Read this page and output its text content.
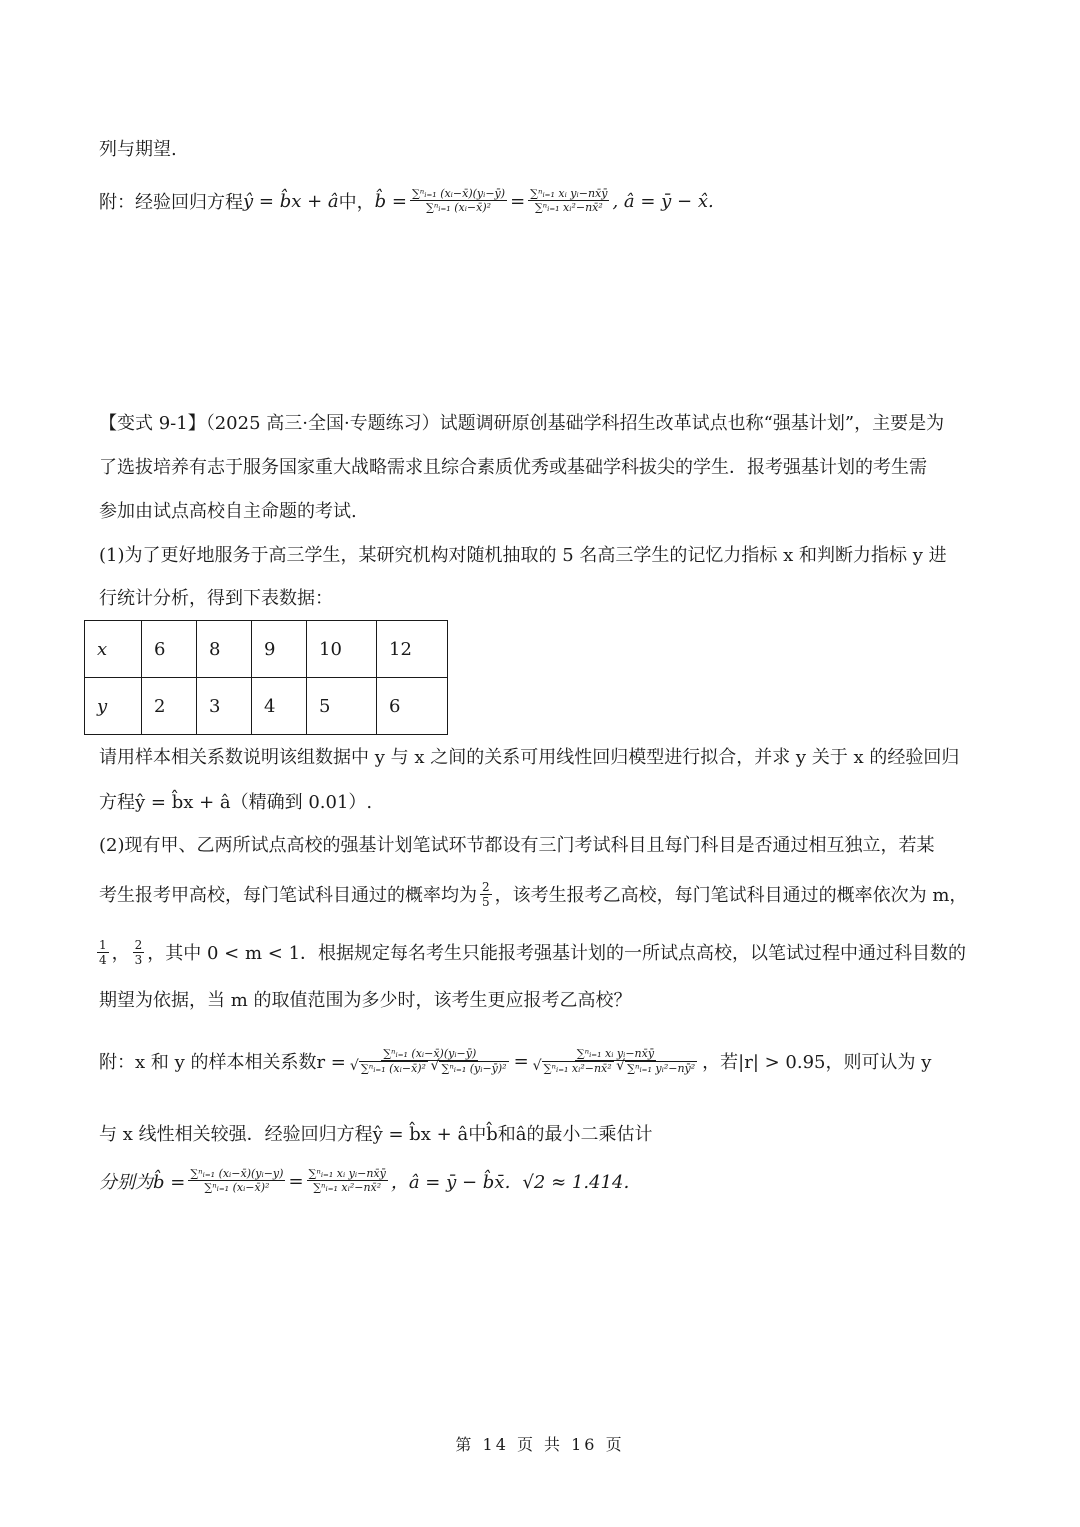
列与期望.
附：经验回归方程 ŷ = b̂x + â 中， b̂ = $\frac{\text{∑ⁿᵢ₌₁ (xᵢ−x̄)(yᵢ−ȳ)}}{\text{∑ⁿᵢ₌₁ (xᵢ−x̄)²}} = \frac{\text{∑ⁿᵢ₌₁ xᵢ yᵢ−nx̄ȳ}}{\text{∑ⁿᵢ₌₁ xᵢ²−nx̄²}}$ , â = ȳ − x̂.
【变式 9-1】（2025 高三·全国·专题练习）试题调研原创基础学科招生改革试点也称“强基计划”，主要是为
了选拔培养有志于服务国家重大战略需求且综合素质优秀或基础学科拔尖的学生．报考强基计划的考生需
参加由试点高校自主命题的考试.
(1)为了更好地服务于高三学生，某研究机构对随机抽取的 5 名高三学生的记忆力指标 x 和判断力指标 y 进
行统计分析，得到下表数据：
x	6	8	9	10	12
y	2	3	4	5	6
请用样本相关系数说明该组数据中 y 与 x 之间的关系可用线性回归模型进行拟合，并求 y 关于 x 的经验回归
方程ŷ = b̂x + â（精确到 0.01）.
(2)现有甲、乙两所试点高校的强基计划笔试环节都设有三门考试科目且每门科目是否通过相互独立，若某
考生报考甲高校，每门笔试科目通过的概率均为 $\frac{2}{5}$ ，该考生报考乙高校，每门笔试科目通过的概率依次为 m，
$\frac{1}{4}$ ， $\frac{2}{3}$ ，其中 0 < m < 1．根据规定每名考生只能报考强基计划的一所试点高校，以笔试过程中通过科目数的
期望为依据，当 m 的取值范围为多少时，该考生更应报考乙高校？
附：x 和 y 的样本相关系数r = ∑ⁿᵢ₌₁ (xᵢ−x̄)(yᵢ−ȳ)
√ ∑ⁿᵢ₌₁ (xᵢ−x̄)² √ ∑ⁿᵢ₌₁ (yᵢ−ȳ)² = ∑ⁿᵢ₌₁ xᵢ yᵢ−nx̄ȳ
√ ∑ⁿᵢ₌₁ xᵢ²−nx̄² √ ∑ⁿᵢ₌₁ yᵢ²−nȳ² ，若|r| > 0.95，则可认为 y
与 x 线性相关较强．经验回归方程ŷ = b̂x + â中b̂和â的最小二乘估计
分别为b̂ = $\frac{\text{∑ⁿᵢ₌₁ (xᵢ−x̄)(yᵢ−y)}}{\text{∑ⁿᵢ₌₁ (xᵢ−x̄)²}} = \frac{\text{∑ⁿᵢ₌₁ xᵢ yᵢ−nx̄ȳ}}{\text{∑ⁿᵢ₌₁ xᵢ²−nx̄²}}$ ，â = ȳ − b̂x̄．√2 ≈ 1.414．
第 14 页 共 16 页
